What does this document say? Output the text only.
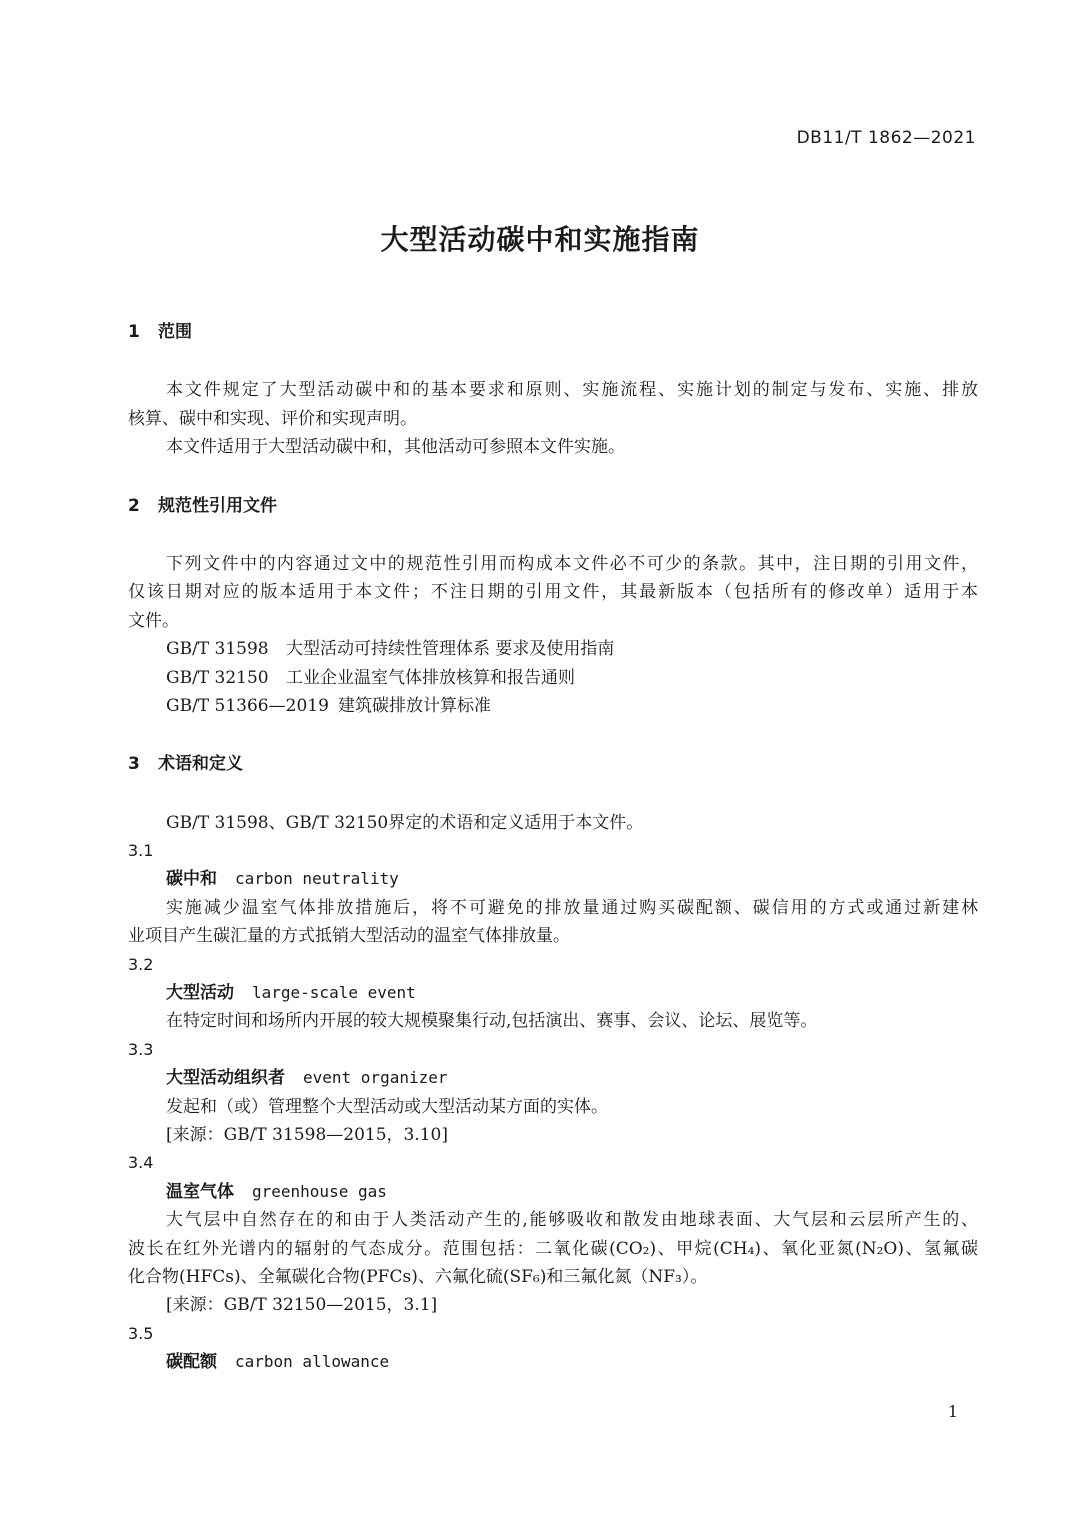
DB11/T 1862—2021
大型活动碳中和实施指南
1 范围
本文件规定了大型活动碳中和的基本要求和原则、实施流程、实施计划的制定与发布、实施、排放
核算、碳中和实现、评价和实现声明。
本文件适用于大型活动碳中和，其他活动可参照本文件实施。
2 规范性引用文件
下列文件中的内容通过文中的规范性引用而构成本文件必不可少的条款。其中，注日期的引用文件，
仅该日期对应的版本适用于本文件；不注日期的引用文件，其最新版本（包括所有的修改单）适用于本
文件。
GB/T 31598 大型活动可持续性管理体系 要求及使用指南
GB/T 32150 工业企业温室气体排放核算和报告通则
GB/T 51366—2019 建筑碳排放计算标准
3 术语和定义
GB/T 31598、GB/T 32150界定的术语和定义适用于本文件。
3.1
碳中和 carbon neutrality
实施减少温室气体排放措施后，将不可避免的排放量通过购买碳配额、碳信用的方式或通过新建林
业项目产生碳汇量的方式抵销大型活动的温室气体排放量。
3.2
大型活动 large-scale event
在特定时间和场所内开展的较大规模聚集行动,包括演出、赛事、会议、论坛、展览等。
3.3
大型活动组织者 event organizer
发起和（或）管理整个大型活动或大型活动某方面的实体。
[来源：GB/T 31598—2015，3.10]
3.4
温室气体 greenhouse gas
大气层中自然存在的和由于人类活动产生的,能够吸收和散发由地球表面、大气层和云层所产生的、
波长在红外光谱内的辐射的气态成分。范围包括：二氧化碳(CO₂)、甲烷(CH₄)、氧化亚氮(N₂O)、氢氟碳
化合物(HFCs)、全氟碳化合物(PFCs)、六氟化硫(SF₆)和三氟化氮（NF₃）。
[来源：GB/T 32150—2015，3.1]
3.5
碳配额 carbon allowance
1
